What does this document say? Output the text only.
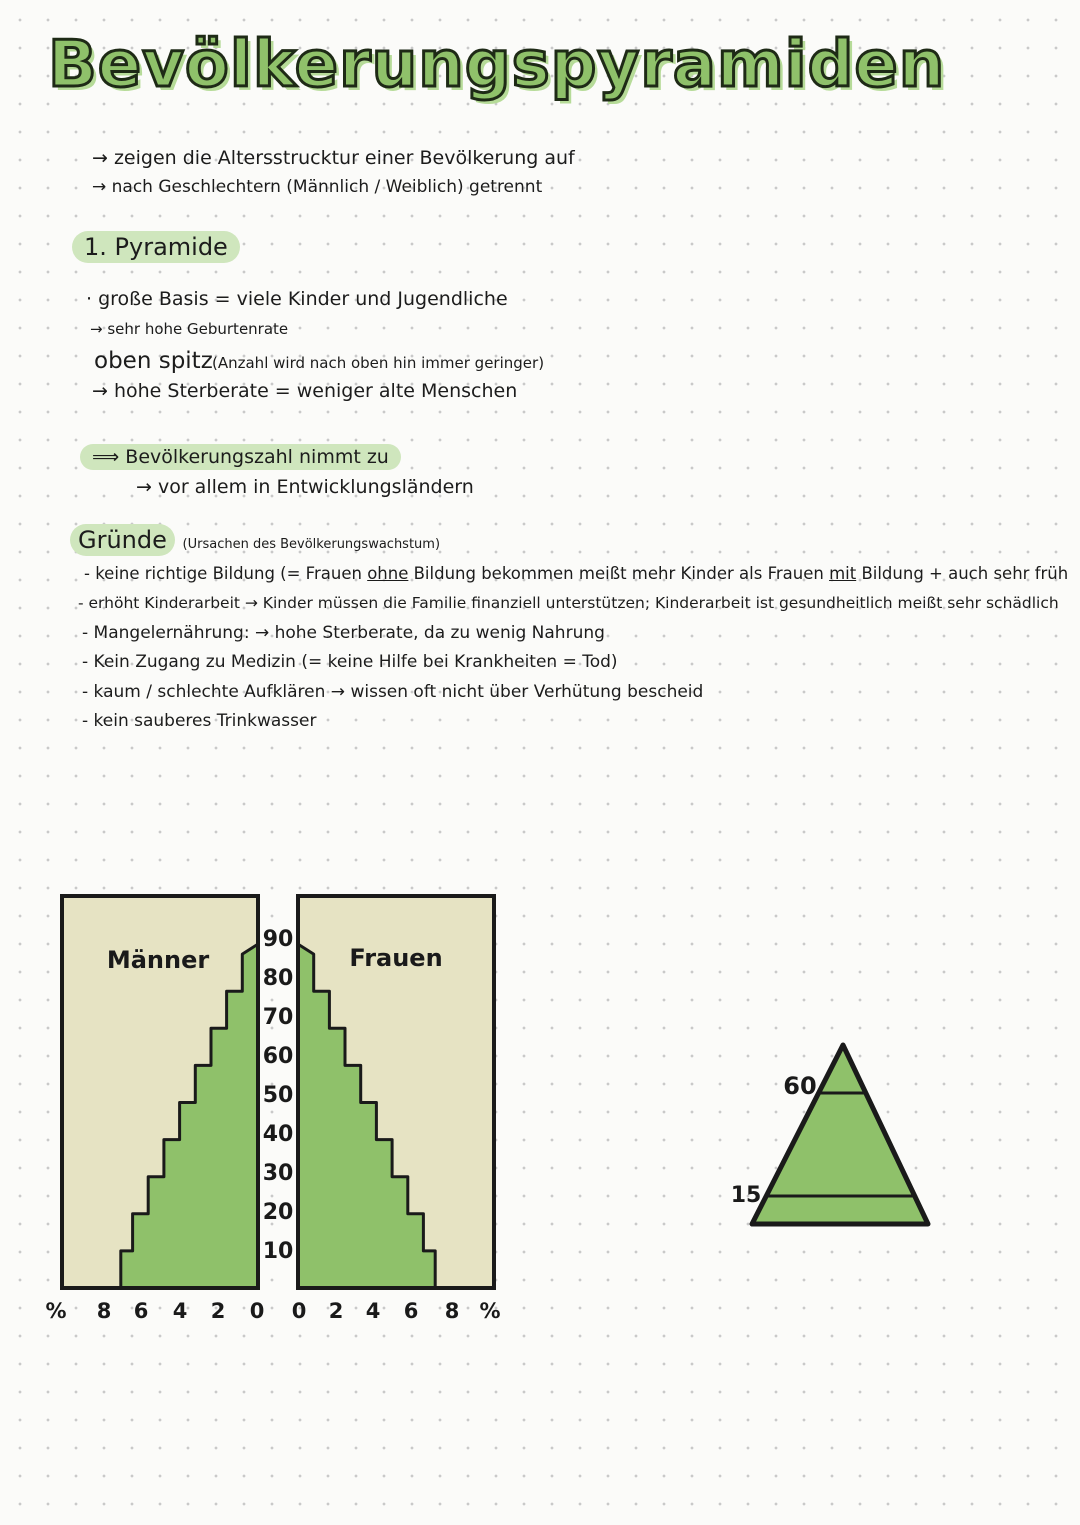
Bevölkerungspyramiden
→ zeigen die Altersstrucktur einer Bevölkerung auf
→ nach Geschlechtern (Männlich / Weiblich) getrennt
1. Pyramide
· große Basis = viele Kinder und Jugendliche
→ sehr hohe Geburtenrate
oben spitz (Anzahl wird nach oben hin immer geringer)
→ hohe Sterberate = weniger alte Menschen
⟹ Bevölkerungszahl nimmt zu
→ vor allem in Entwicklungsländern
Gründe (Ursachen des Bevölkerungswachstum)
- keine richtige Bildung (= Frauen ohne Bildung bekommen meißt mehr Kinder als Frauen mit Bildung + auch sehr früh
- erhöht Kinderarbeit → Kinder müssen die Familie finanziell unterstützen; Kinderarbeit ist gesundheitlich meißt sehr schädlich
- Mangelernährung: → hohe Sterberate, da zu wenig Nahrung
- Kein Zugang zu Medizin (= keine Hilfe bei Krankheiten = Tod)
- kaum / schlechte Aufklären → wissen oft nicht über Verhütung bescheid
- kein sauberes Trinkwasser
Männer	Frauen
10
20
30
40
50
60
70
80
90
% 8 6 4 2 0 0 2 4 6 8 %
60
15
